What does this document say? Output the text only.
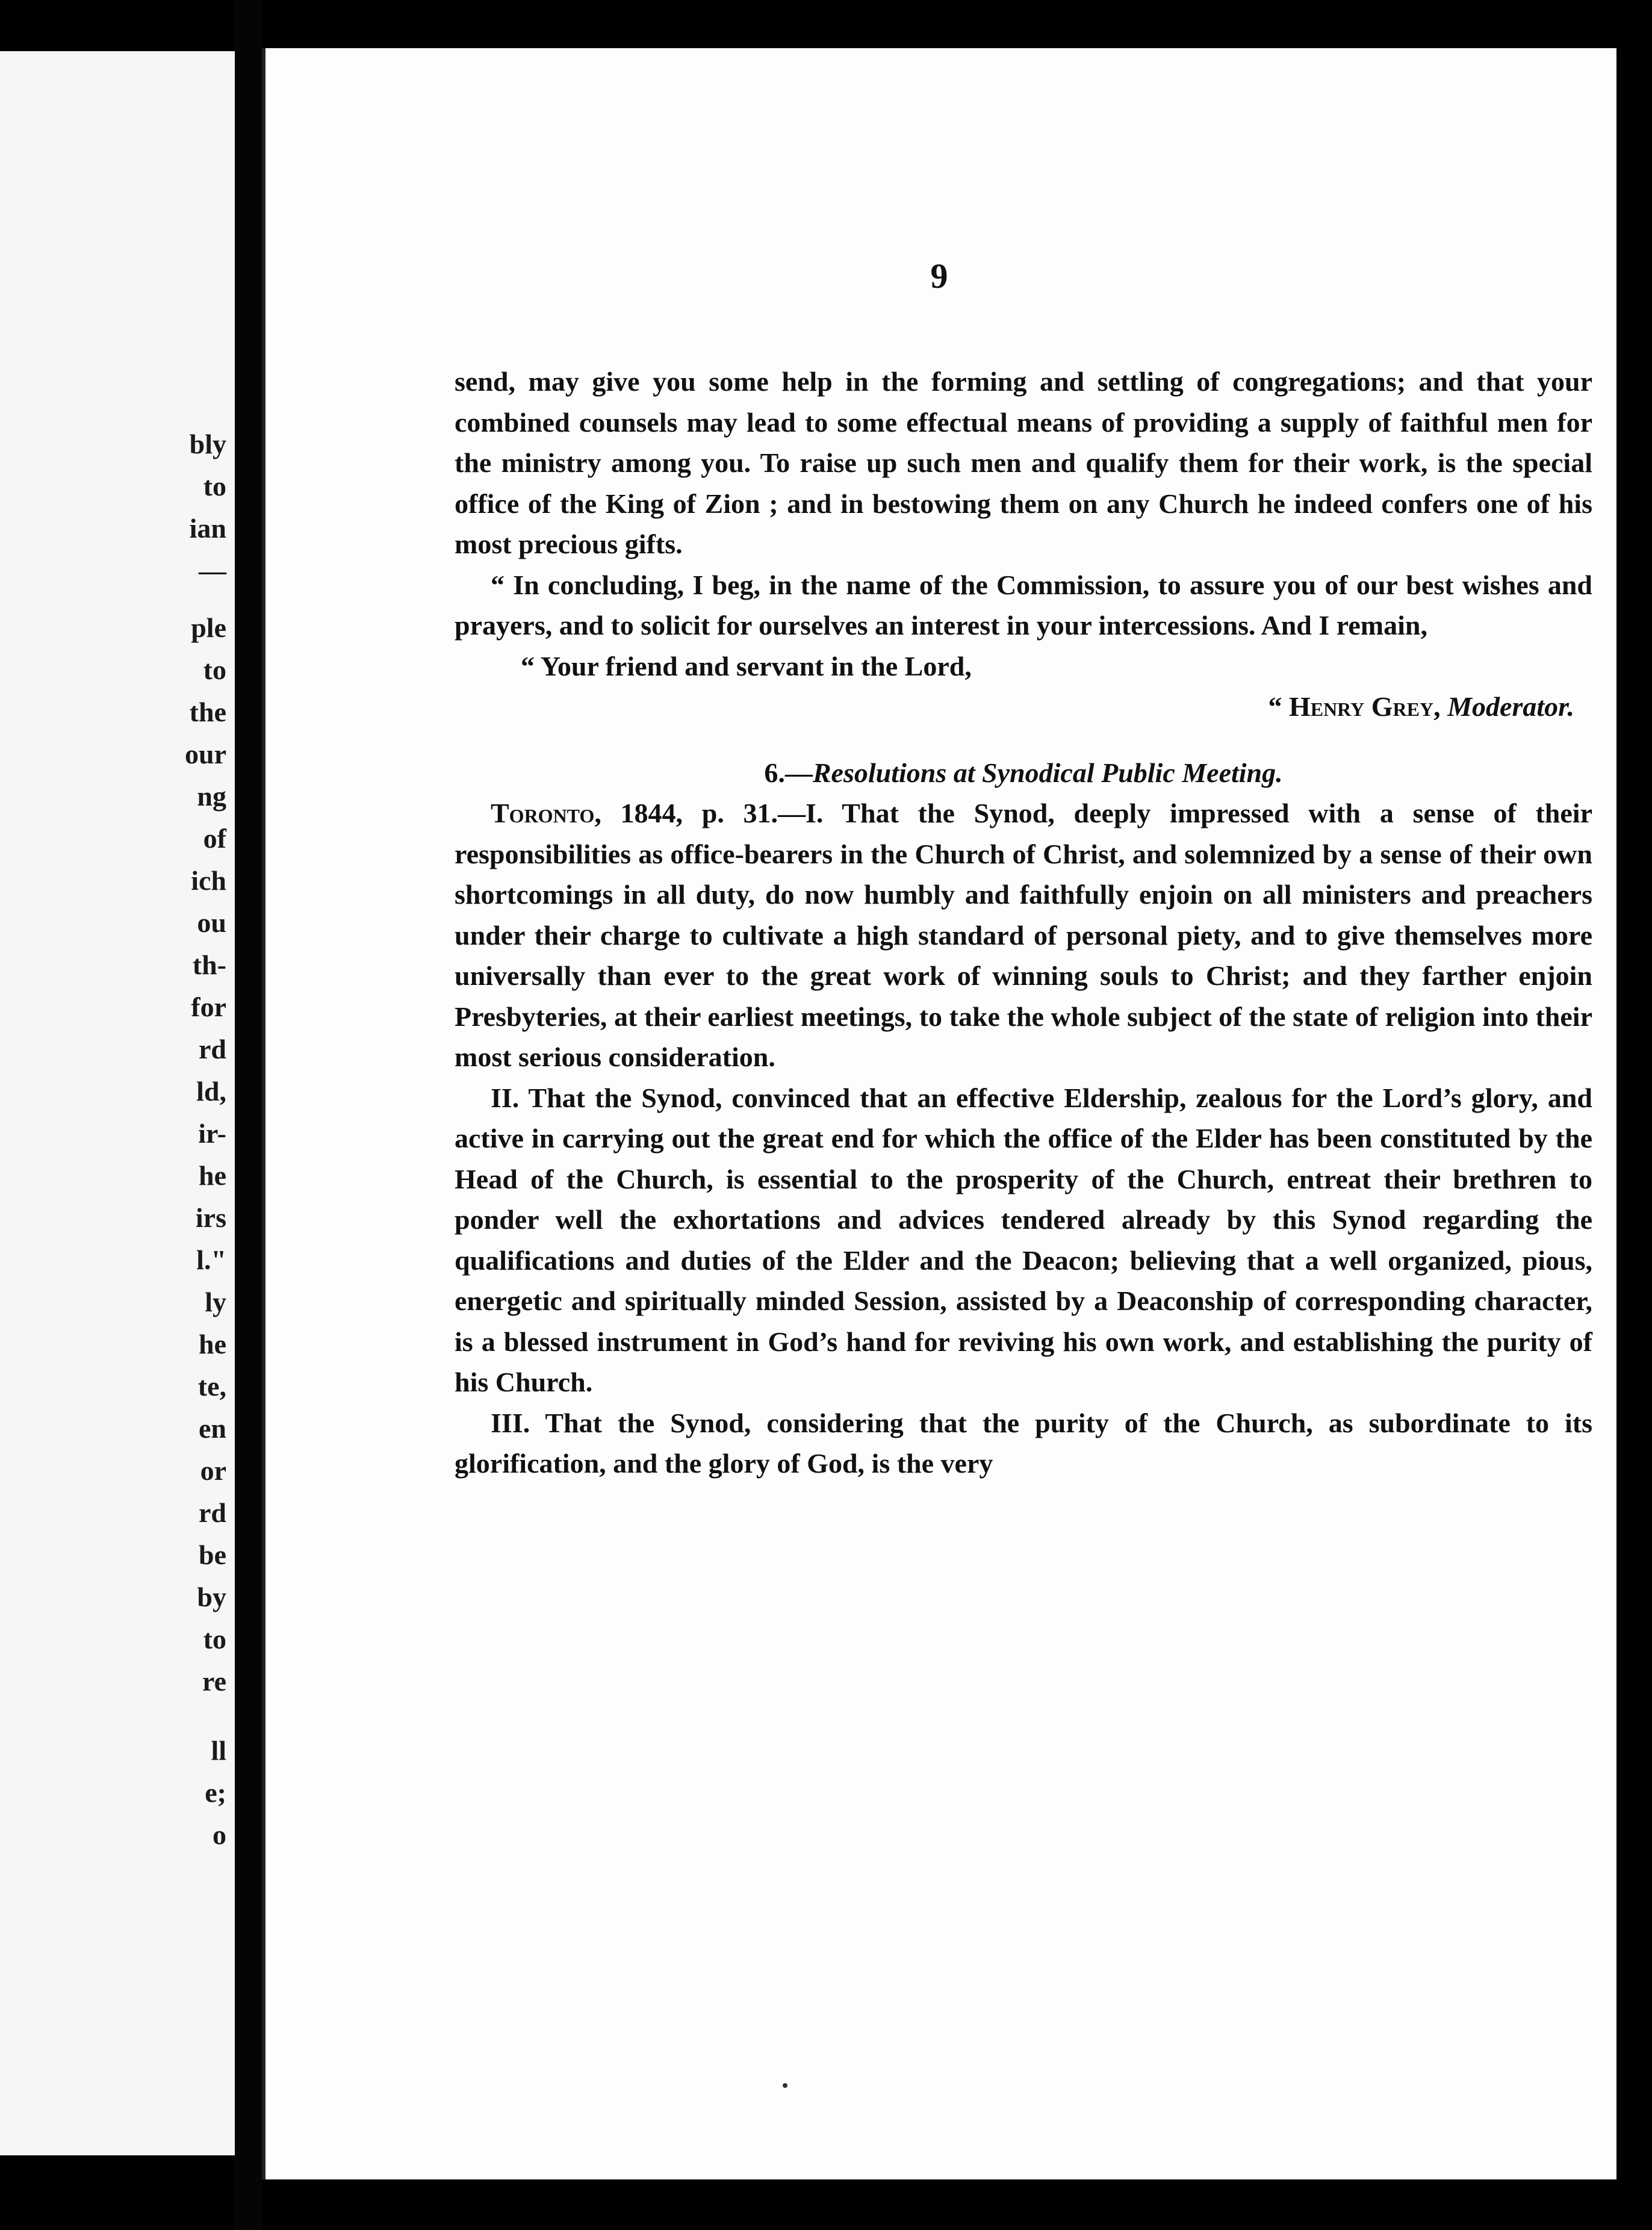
bly
to
ian
—
ple
to
the
our
ng
of
ich
ou
th-
for
rd
ld,
ir-
he
irs
l."
ly
he
te,
en
or
rd
be
by
to
re
ll
e;
o
9

send, may give you some help in the forming and settling of congregations; and that your combined counsels may lead to some effectual means of providing a supply of faithful men for the ministry among you. To raise up such men and qualify them for their work, is the special office of the King of Zion ; and in bestowing them on any Church he indeed confers one of his most precious gifts.

“ In concluding, I beg, in the name of the Commission, to assure you of our best wishes and prayers, and to solicit for ourselves an interest in your intercessions. And I remain,

“ Your friend and servant in the Lord,

“ Henry Grey, Moderator.

6.—Resolutions at Synodical Public Meeting.

Toronto, 1844, p. 31.—I. That the Synod, deeply impressed with a sense of their responsibilities as office-bearers in the Church of Christ, and solemnized by a sense of their own shortcomings in all duty, do now humbly and faithfully enjoin on all ministers and preachers under their charge to cultivate a high standard of personal piety, and to give themselves more universally than ever to the great work of winning souls to Christ; and they farther enjoin Presbyteries, at their earliest meetings, to take the whole subject of the state of religion into their most serious consideration.

II. That the Synod, convinced that an effective Eldership, zealous for the Lord’s glory, and active in carrying out the great end for which the office of the Elder has been constituted by the Head of the Church, is essential to the prosperity of the Church, entreat their brethren to ponder well the exhortations and advices tendered already by this Synod regarding the qualifications and duties of the Elder and the Deacon; believing that a well organized, pious, energetic and spiritually minded Session, assisted by a Deaconship of corresponding character, is a blessed instrument in God’s hand for reviving his own work, and establishing the purity of his Church.

III. That the Synod, considering that the purity of the Church, as subordinate to its glorification, and the glory of God, is the very
